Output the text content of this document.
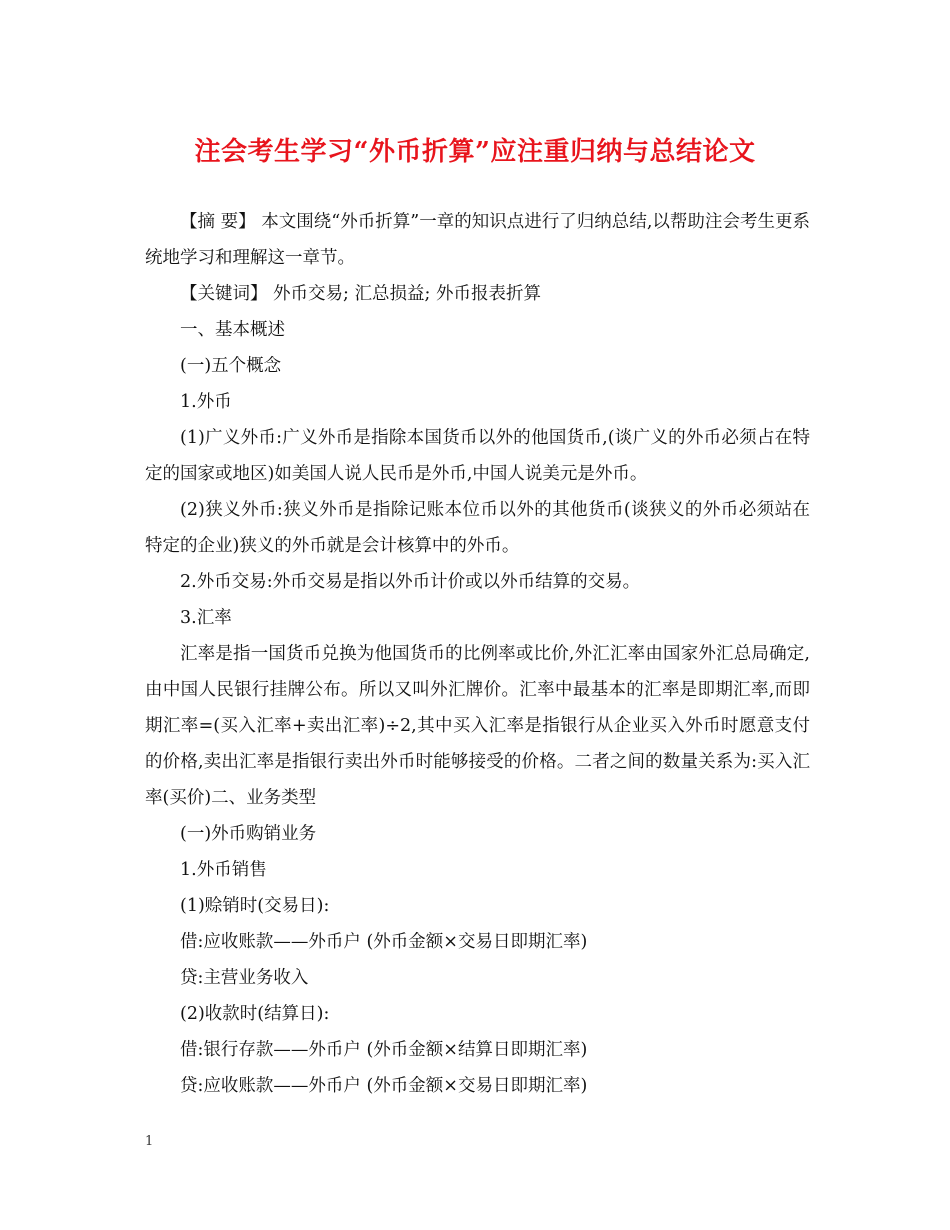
注会考生学习“外币折算”应注重归纳与总结论文

【摘 要】 本文围绕“外币折算”一章的知识点进行了归纳总结,以帮助注会考生更系统地学习和理解这一章节。

【关键词】 外币交易; 汇总损益; 外币报表折算

一、基本概述

(一)五个概念

1.外币

(1)广义外币:广义外币是指除本国货币以外的他国货币,(谈广义的外币必须占在特定的国家或地区)如美国人说人民币是外币,中国人说美元是外币。

(2)狭义外币:狭义外币是指除记账本位币以外的其他货币(谈狭义的外币必须站在特定的企业)狭义的外币就是会计核算中的外币。

2.外币交易:外币交易是指以外币计价或以外币结算的交易。

3.汇率

汇率是指一国货币兑换为他国货币的比例率或比价,外汇汇率由国家外汇总局确定,由中国人民银行挂牌公布。所以又叫外汇牌价。汇率中最基本的汇率是即期汇率,而即期汇率=(买入汇率+卖出汇率)÷2,其中买入汇率是指银行从企业买入外币时愿意支付的价格,卖出汇率是指银行卖出外币时能够接受的价格。二者之间的数量关系为:买入汇率(买价)二、业务类型

(一)外币购销业务

1.外币销售

(1)赊销时(交易日):

借:应收账款——外币户 (外币金额×交易日即期汇率)

贷:主营业务收入

(2)收款时(结算日):

借:银行存款——外币户 (外币金额×结算日即期汇率)

贷:应收账款——外币户 (外币金额×交易日即期汇率)

1
